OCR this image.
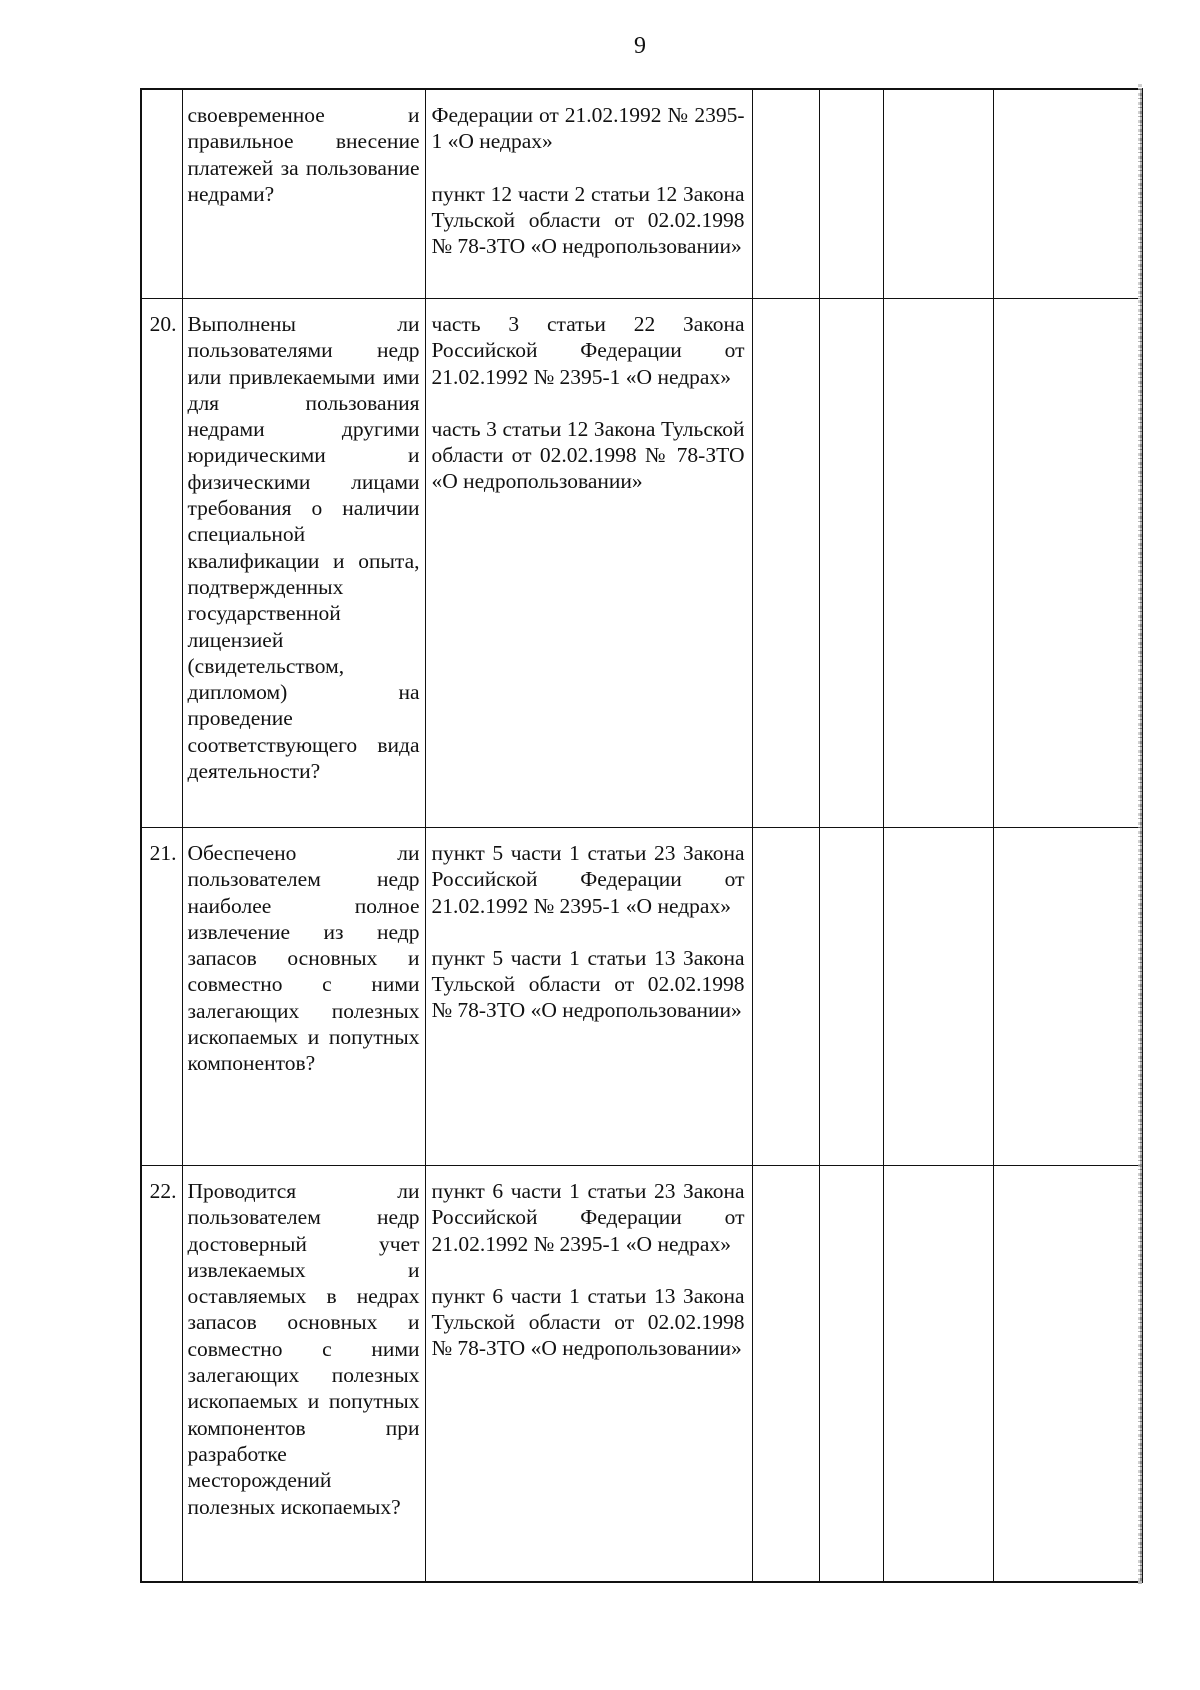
9
	своевременное и правильное внесение платежей за пользование недрами?	Федерации от 21.02.1992 № 2395-1 «О недрах»

пункт 12 части 2 статьи 12 Закона Тульской области от 02.02.1998 № 78-ЗТО «О недропользовании»				

20.	Выполнены ли пользователями недр или привлекаемыми ими для пользования недрами другими юридическими и физическими лицами требования о наличии специальной квалификации и опыта, подтвержденных государственной лицензией (свидетельством, дипломом) на проведение соответствующего вида деятельности?	часть 3 статьи 22 Закона Российской Федерации от 21.02.1992 № 2395-1 «О недрах»

часть 3 статьи 12 Закона Тульской области от 02.02.1998 № 78-ЗТО «О недропользовании»				

21.	Обеспечено ли пользователем недр наиболее полное извлечение из недр запасов основных и совместно с ними залегающих полезных ископаемых и попутных компонентов?	пункт 5 части 1 статьи 23 Закона Российской Федерации от 21.02.1992 № 2395-1 «О недрах»

пункт 5 части 1 статьи 13 Закона Тульской области от 02.02.1998 № 78-ЗТО «О недропользовании»				

22.	Проводится ли пользователем недр достоверный учет извлекаемых и оставляемых в недрах запасов основных и совместно с ними залегающих полезных ископаемых и попутных компонентов при разработке месторождений полезных ископаемых?	пункт 6 части 1 статьи 23 Закона Российской Федерации от 21.02.1992 № 2395-1 «О недрах»

пункт 6 части 1 статьи 13 Закона Тульской области от 02.02.1998 № 78-ЗТО «О недропользовании»				
